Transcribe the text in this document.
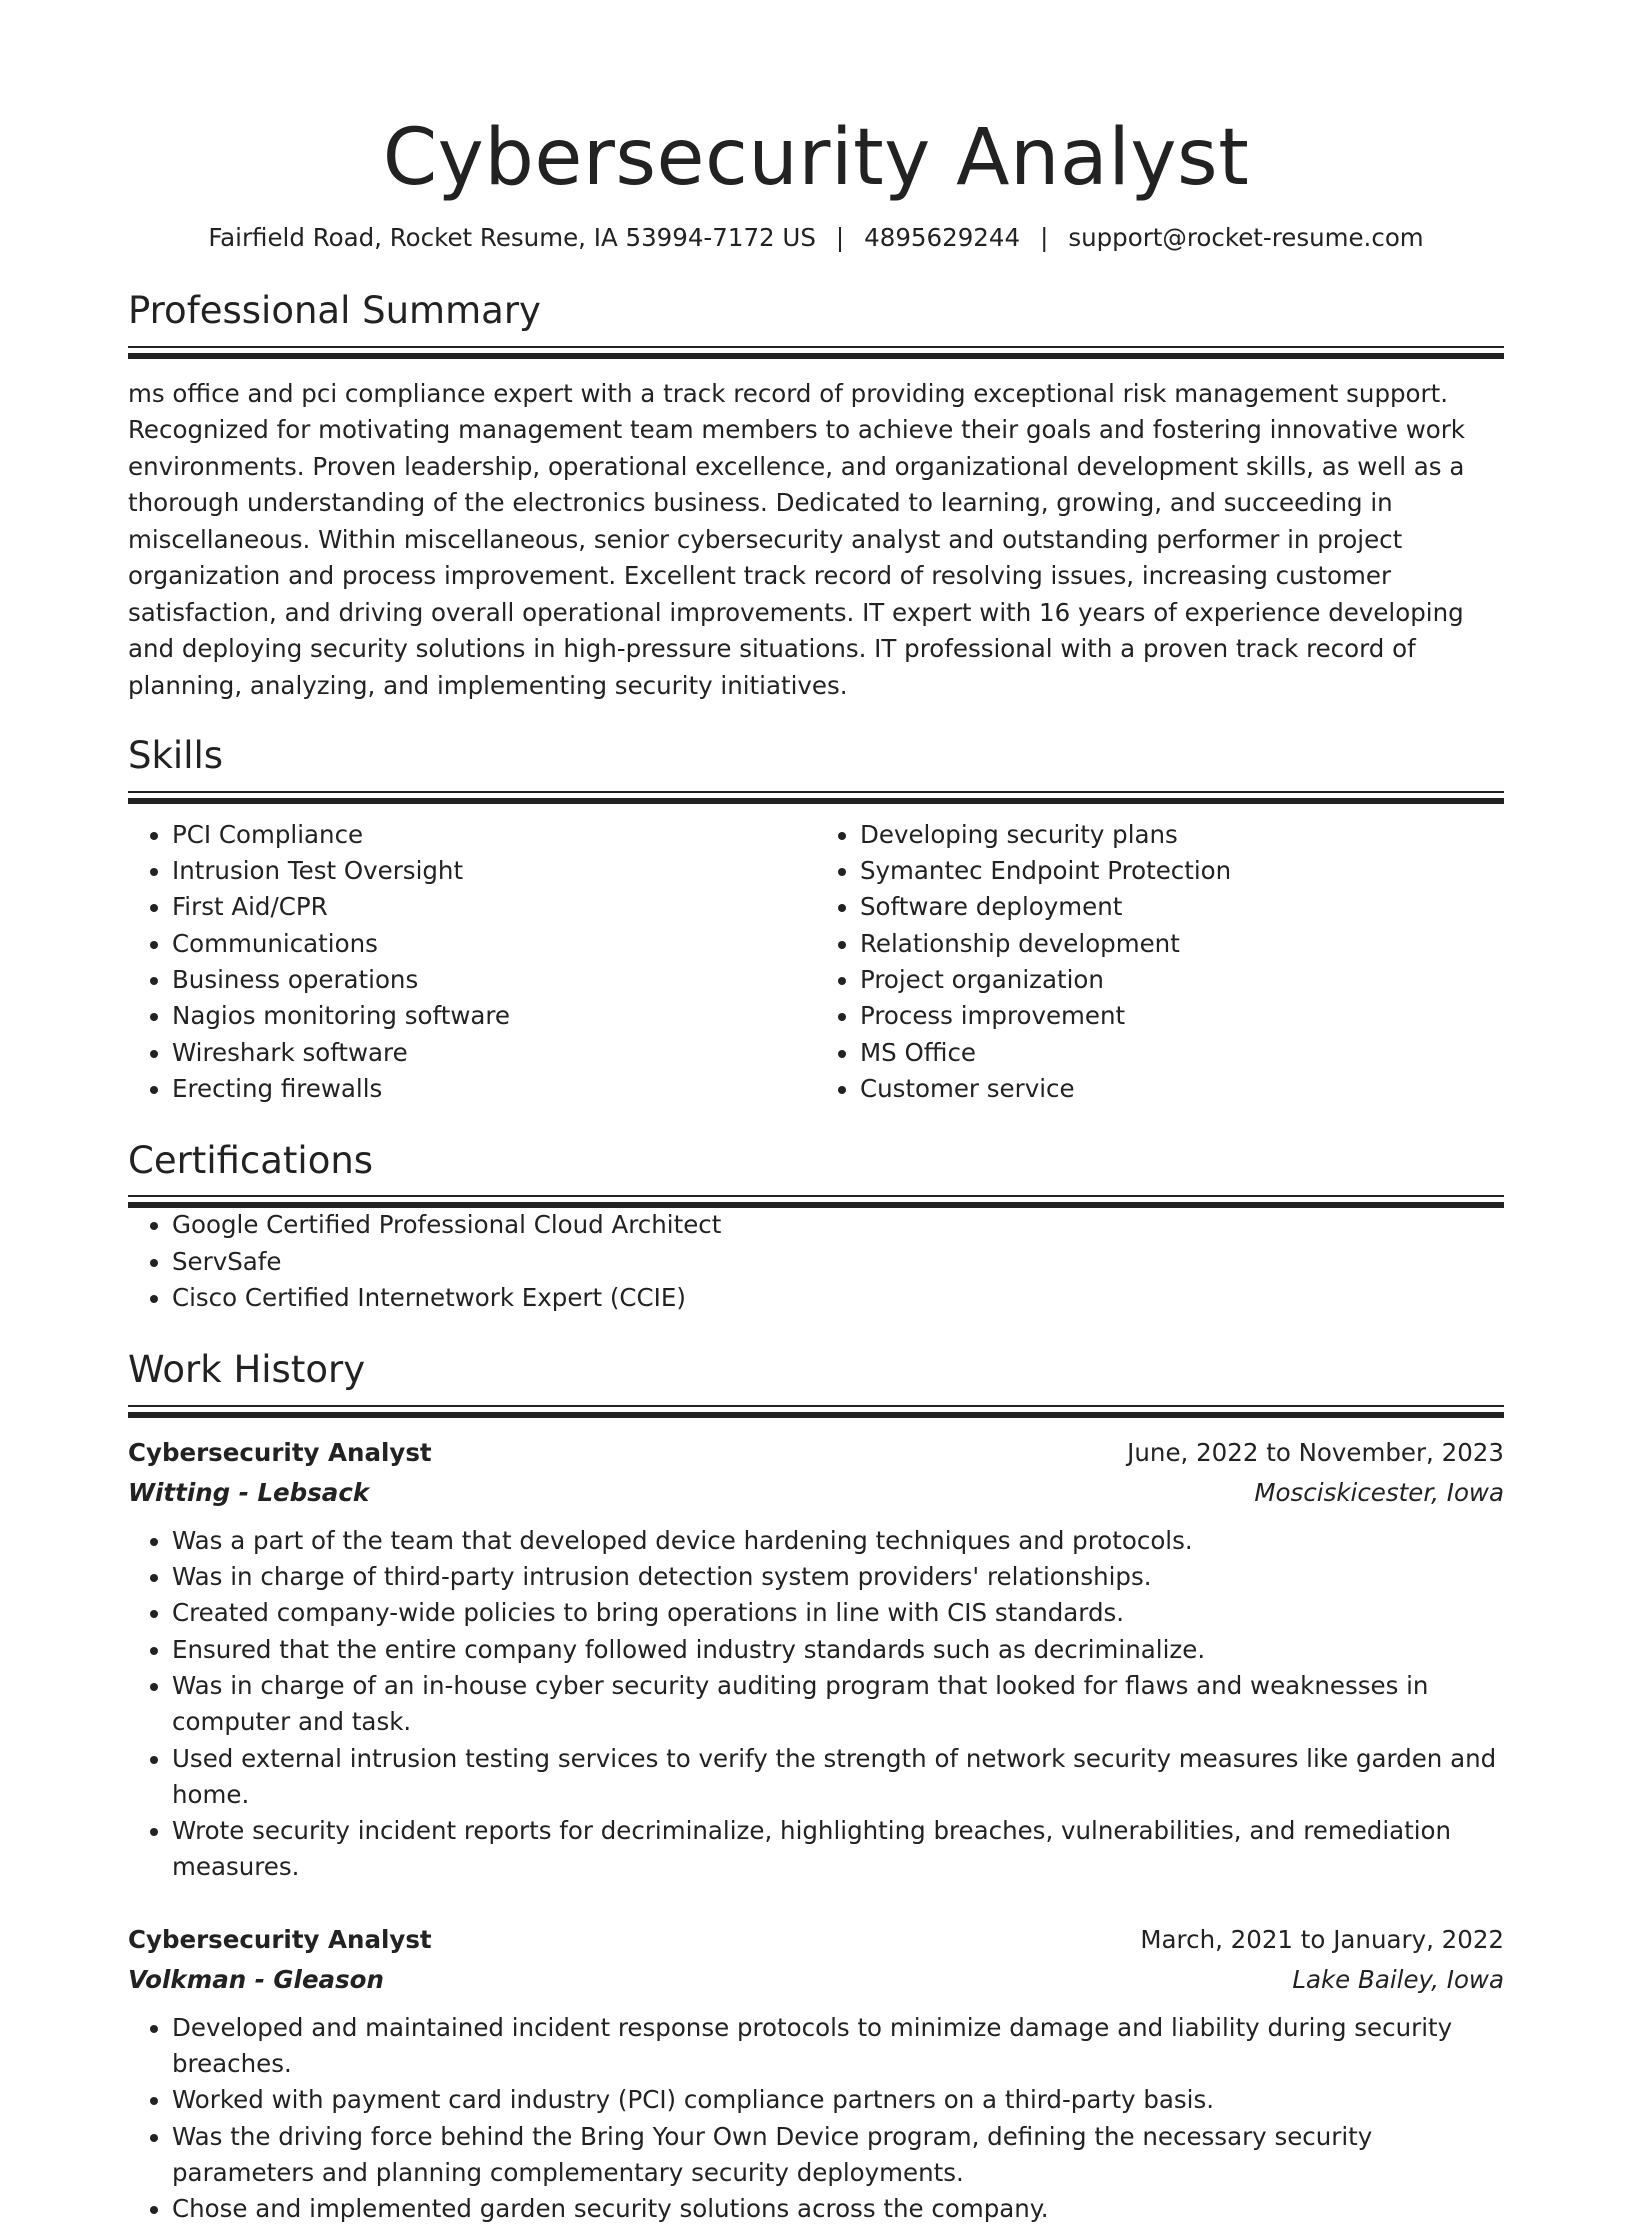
Cybersecurity Analyst
Fairfield Road, Rocket Resume, IA 53994-7172 US | 4895629244 | support@rocket-resume.com
Professional Summary

ms office and pci compliance expert with a track record of providing exceptional risk management support. Recognized for motivating management team members to achieve their goals and fostering innovative work environments. Proven leadership, operational excellence, and organizational development skills, as well as a thorough understanding of the electronics business. Dedicated to learning, growing, and succeeding in miscellaneous. Within miscellaneous, senior cybersecurity analyst and outstanding performer in project organization and process improvement. Excellent track record of resolving issues, increasing customer satisfaction, and driving overall operational improvements. IT expert with 16 years of experience developing and deploying security solutions in high-pressure situations. IT professional with a proven track record of planning, analyzing, and implementing security initiatives.

Skills
• PCI Compliance
• Intrusion Test Oversight
• First Aid/CPR
• Communications
• Business operations
• Nagios monitoring software
• Wireshark software
• Erecting firewalls
• Developing security plans
• Symantec Endpoint Protection
• Software deployment
• Relationship development
• Project organization
• Process improvement
• MS Office
• Customer service
Certifications
• Google Certified Professional Cloud Architect
• ServSafe
• Cisco Certified Internetwork Expert (CCIE)
Work History
Cybersecurity Analyst	June, 2022 to November, 2023
Witting - Lebsack	Mosciskicester, Iowa
• Was a part of the team that developed device hardening techniques and protocols.
• Was in charge of third-party intrusion detection system providers' relationships.
• Created company-wide policies to bring operations in line with CIS standards.
• Ensured that the entire company followed industry standards such as decriminalize.
• Was in charge of an in-house cyber security auditing program that looked for flaws and weaknesses in computer and task.
• Used external intrusion testing services to verify the strength of network security measures like garden and home.
• Wrote security incident reports for decriminalize, highlighting breaches, vulnerabilities, and remediation measures.
Cybersecurity Analyst	March, 2021 to January, 2022
Volkman - Gleason	Lake Bailey, Iowa
• Developed and maintained incident response protocols to minimize damage and liability during security breaches.
• Worked with payment card industry (PCI) compliance partners on a third-party basis.
• Was the driving force behind the Bring Your Own Device program, defining the necessary security parameters and planning complementary security deployments.
• Chose and implemented garden security solutions across the company.
